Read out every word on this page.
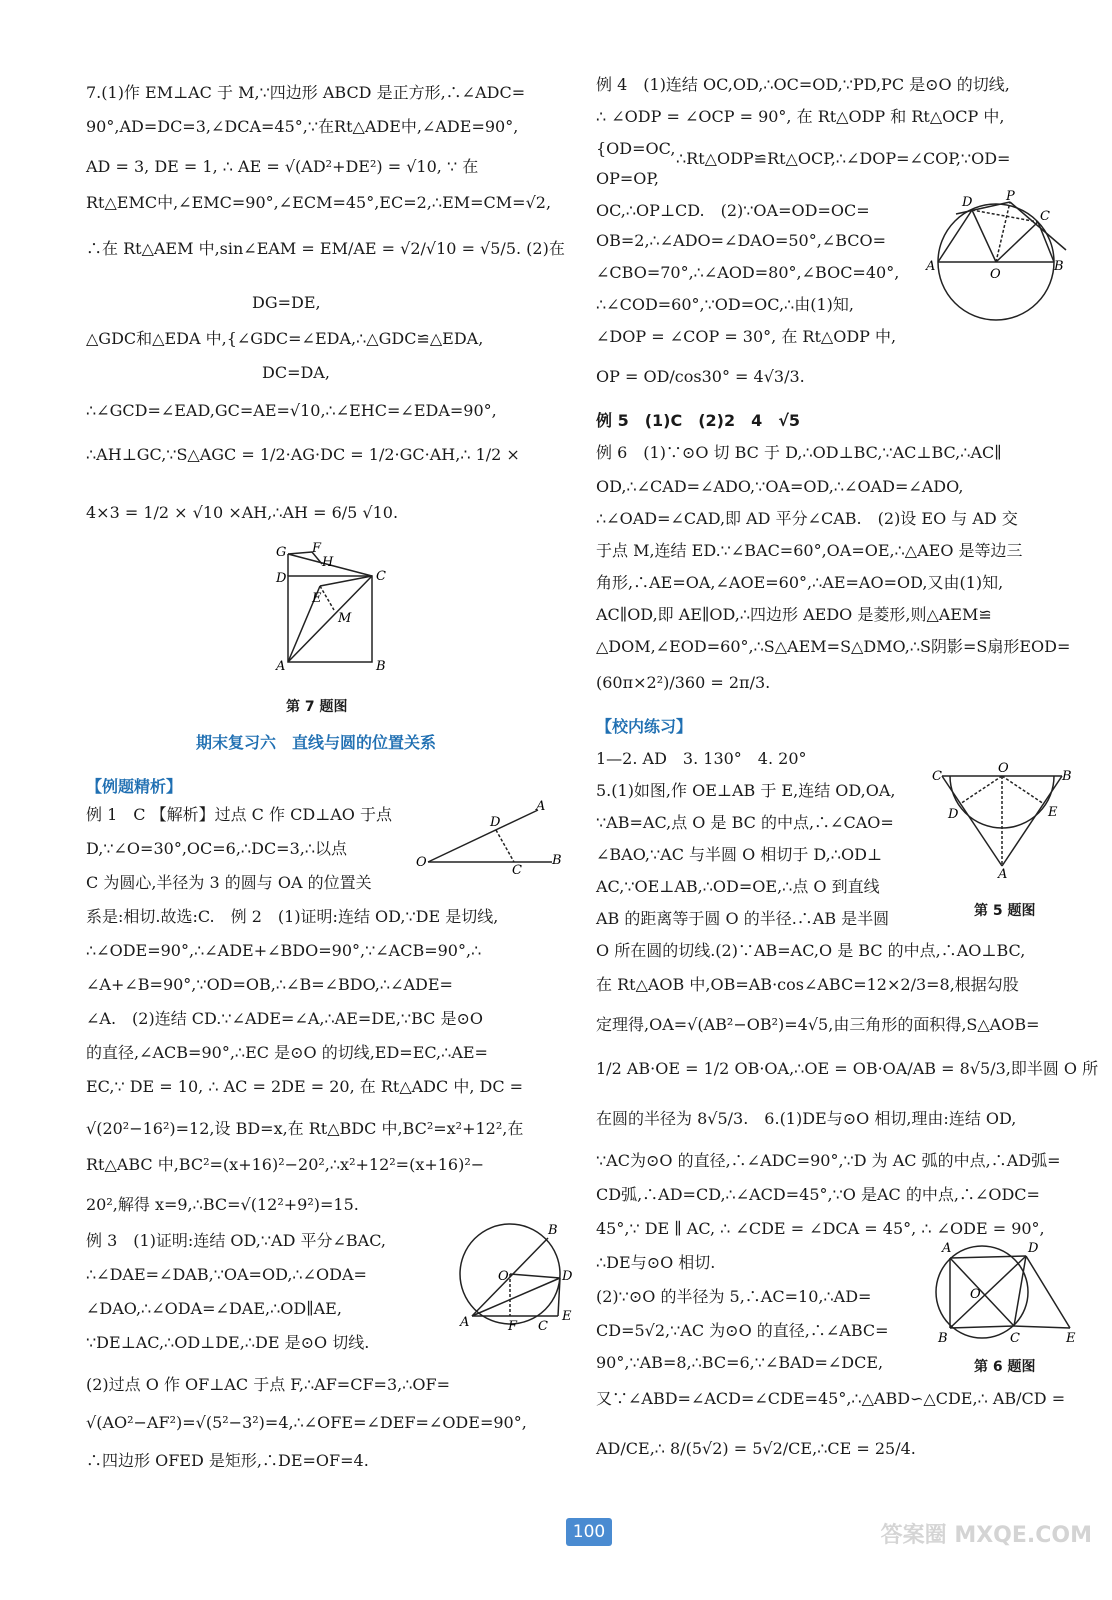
7.(1)作 EM⊥AC 于 M,∵四边形 ABCD 是正方形,∴∠ADC=
90°,AD=DC=3,∠DCA=45°,∵在Rt△ADE中,∠ADE=90°,
AD = 3, DE = 1, ∴ AE = √(AD²+DE²) = √10, ∵ 在
Rt△EMC中,∠EMC=90°,∠ECM=45°,EC=2,∴EM=CM=√2,
∴在 Rt△AEM 中,sin∠EAM = EM/AE = √2/√10 = √5/5. (2)在
DG=DE,
△GDC和△EDA 中,{∠GDC=∠EDA,∴△GDC≌△EDA,
DC=DA,
∴∠GCD=∠EAD,GC=AE=√10,∴∠EHC=∠EDA=90°,
∴AH⊥GC,∵S△AGC = 1/2·AG·DC = 1/2·GC·AH,∴ 1/2 ×
4×3 = 1/2 × √10 ×AH,∴AH = 6/5 √10.
G F
H
D	C
E
M
A	B
第 7 题图
期末复习六　直线与圆的位置关系
【例题精析】
例 1　C 【解析】过点 C 作 CD⊥AO 于点
D,∵∠O=30°,OC=6,∴DC=3,∴以点
C 为圆心,半径为 3 的圆与 OA 的位置关
O
A
D
B
C
系是:相切.故选:C.　例 2　(1)证明:连结 OD,∵DE 是切线,
∴∠ODE=90°,∴∠ADE+∠BDO=90°,∵∠ACB=90°,∴
∠A+∠B=90°,∵OD=OB,∴∠B=∠BDO,∴∠ADE=
∠A.　(2)连结 CD.∵∠ADE=∠A,∴AE=DE,∵BC 是⊙O
的直径,∠ACB=90°,∴EC 是⊙O 的切线,ED=EC,∴AE=
EC,∵ DE = 10, ∴ AC = 2DE = 20, 在 Rt△ADC 中, DC =
√(20²−16²)=12,设 BD=x,在 Rt△BDC 中,BC²=x²+12²,在
Rt△ABC 中,BC²=(x+16)²−20²,∴x²+12²=(x+16)²−
20²,解得 x=9,∴BC=√(12²+9²)=15.
例 3　(1)证明:连结 OD,∵AD 平分∠BAC,
∴∠DAE=∠DAB,∵OA=OD,∴∠ODA=
∠DAO,∴∠ODA=∠DAE,∴OD∥AE,
∵DE⊥AC,∴OD⊥DE,∴DE 是⊙O 切线.
B
D
O
A	F C
E
(2)过点 O 作 OF⊥AC 于点 F,∴AF=CF=3,∴OF=
√(AO²−AF²)=√(5²−3²)=4,∴∠OFE=∠DEF=∠ODE=90°,
∴四边形 OFED 是矩形,∴DE=OF=4.
例 4　(1)连结 OC,OD,∴OC=OD,∵PD,PC 是⊙O 的切线,
∴ ∠ODP = ∠OCP = 90°, 在 Rt△ODP 和 Rt△OCP 中,
{OD=OC,
∴Rt△ODP≌Rt△OCP,∴∠DOP=∠COP,∵OD=
OP=OP,
OC,∴OP⊥CD.　(2)∵OA=OD=OC=
OB=2,∴∠ADO=∠DAO=50°,∠BCO=
∠CBO=70°,∴∠AOD=80°,∠BOC=40°,
∴∠COD=60°,∵OD=OC,∴由(1)知,
∠DOP = ∠COP = 30°, 在 Rt△ODP 中,
OP = OD/cos30° = 4√3/3.
A	B
O
D	P
C
例 5　(1)C　(2)2　4　√5
例 6　(1)∵⊙O 切 BC 于 D,∴OD⊥BC,∵AC⊥BC,∴AC∥
OD,∴∠CAD=∠ADO,∵OA=OD,∴∠OAD=∠ADO,
∴∠OAD=∠CAD,即 AD 平分∠CAB.　(2)设 EO 与 AD 交
于点 M,连结 ED.∵∠BAC=60°,OA=OE,∴△AEO 是等边三
角形,∴AE=OA,∠AOE=60°,∴AE=AO=OD,又由(1)知,
AC∥OD,即 AE∥OD,∴四边形 AEDO 是菱形,则△AEM≌
△DOM,∠EOD=60°,∴S△AEM=S△DMO,∴S阴影=S扇形EOD=
(60π×2²)/360 = 2π/3.
【校内练习】
1—2. AD　3. 130°　4. 20°
5.(1)如图,作 OE⊥AB 于 E,连结 OD,OA,
∵AB=AC,点 O 是 BC 的中点,∴∠CAO=
∠BAO,∵AC 与半圆 O 相切于 D,∴OD⊥
AC,∵OE⊥AB,∴OD=OE,∴点 O 到直线
AB 的距离等于圆 O 的半径.∴AB 是半圆
C
O
B
D	E
A
第 5 题图
O 所在圆的切线.(2)∵AB=AC,O 是 BC 的中点,∴AO⊥BC,
在 Rt△AOB 中,OB=AB·cos∠ABC=12×2/3=8,根据勾股
定理得,OA=√(AB²−OB²)=4√5,由三角形的面积得,S△AOB=
1/2 AB·OE = 1/2 OB·OA,∴OE = OB·OA/AB = 8√5/3,即半圆 O 所
在圆的半径为 8√5/3.　6.(1)DE与⊙O 相切,理由:连结 OD,
∵AC为⊙O 的直径,∴∠ADC=90°,∵D 为 AC 弧的中点,∴AD弧=
CD弧,∴AD=CD,∴∠ACD=45°,∵O 是AC 的中点,∴∠ODC=
45°,∵ DE ∥ AC, ∴ ∠CDE = ∠DCA = 45°, ∴ ∠ODE = 90°,
∴DE与⊙O 相切.
(2)∵⊙O 的半径为 5,∴AC=10,∴AD=
CD=5√2,∵AC 为⊙O 的直径,∴∠ABC=
90°,∵AB=8,∴BC=6,∵∠BAD=∠DCE,
A	D
O
B	C	E
第 6 题图
又∵∠ABD=∠ACD=∠CDE=45°,∴△ABD∽△CDE,∴ AB/CD =
AD/CE,∴ 8/(5√2) = 5√2/CE,∴CE = 25/4.
100	答案圈 MXQE.COM
